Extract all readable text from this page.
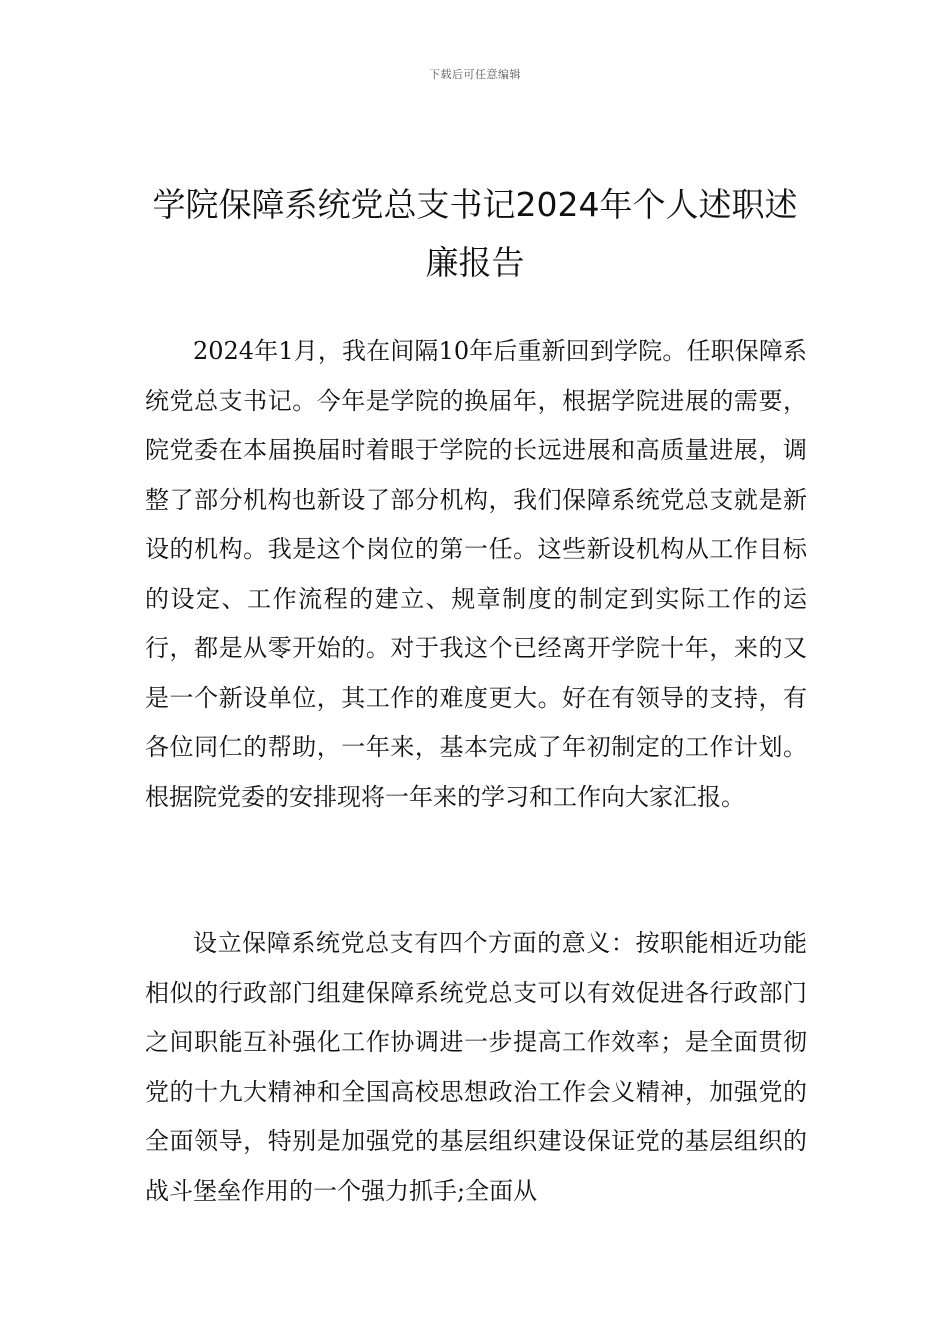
下载后可任意编辑
学院保障系统党总支书记2024年个人述职述廉报告

2024年1月，我在间隔10年后重新回到学院。任职保障系统党总支书记。今年是学院的换届年，根据学院进展的需要，院党委在本届换届时着眼于学院的长远进展和高质量进展，调整了部分机构也新设了部分机构，我们保障系统党总支就是新设的机构。我是这个岗位的第一任。这些新设机构从工作目标的设定、工作流程的建立、规章制度的制定到实际工作的运行，都是从零开始的。对于我这个已经离开学院十年，来的又是一个新设单位，其工作的难度更大。好在有领导的支持，有各位同仁的帮助，一年来，基本完成了年初制定的工作计划。根据院党委的安排现将一年来的学习和工作向大家汇报。

设立保障系统党总支有四个方面的意义：按职能相近功能相似的行政部门组建保障系统党总支可以有效促进各行政部门之间职能互补强化工作协调进一步提高工作效率；是全面贯彻党的十九大精神和全国高校思想政治工作会义精神，加强党的全面领导，特别是加强党的基层组织建设保证党的基层组织的战斗堡垒作用的一个强力抓手;全面从
